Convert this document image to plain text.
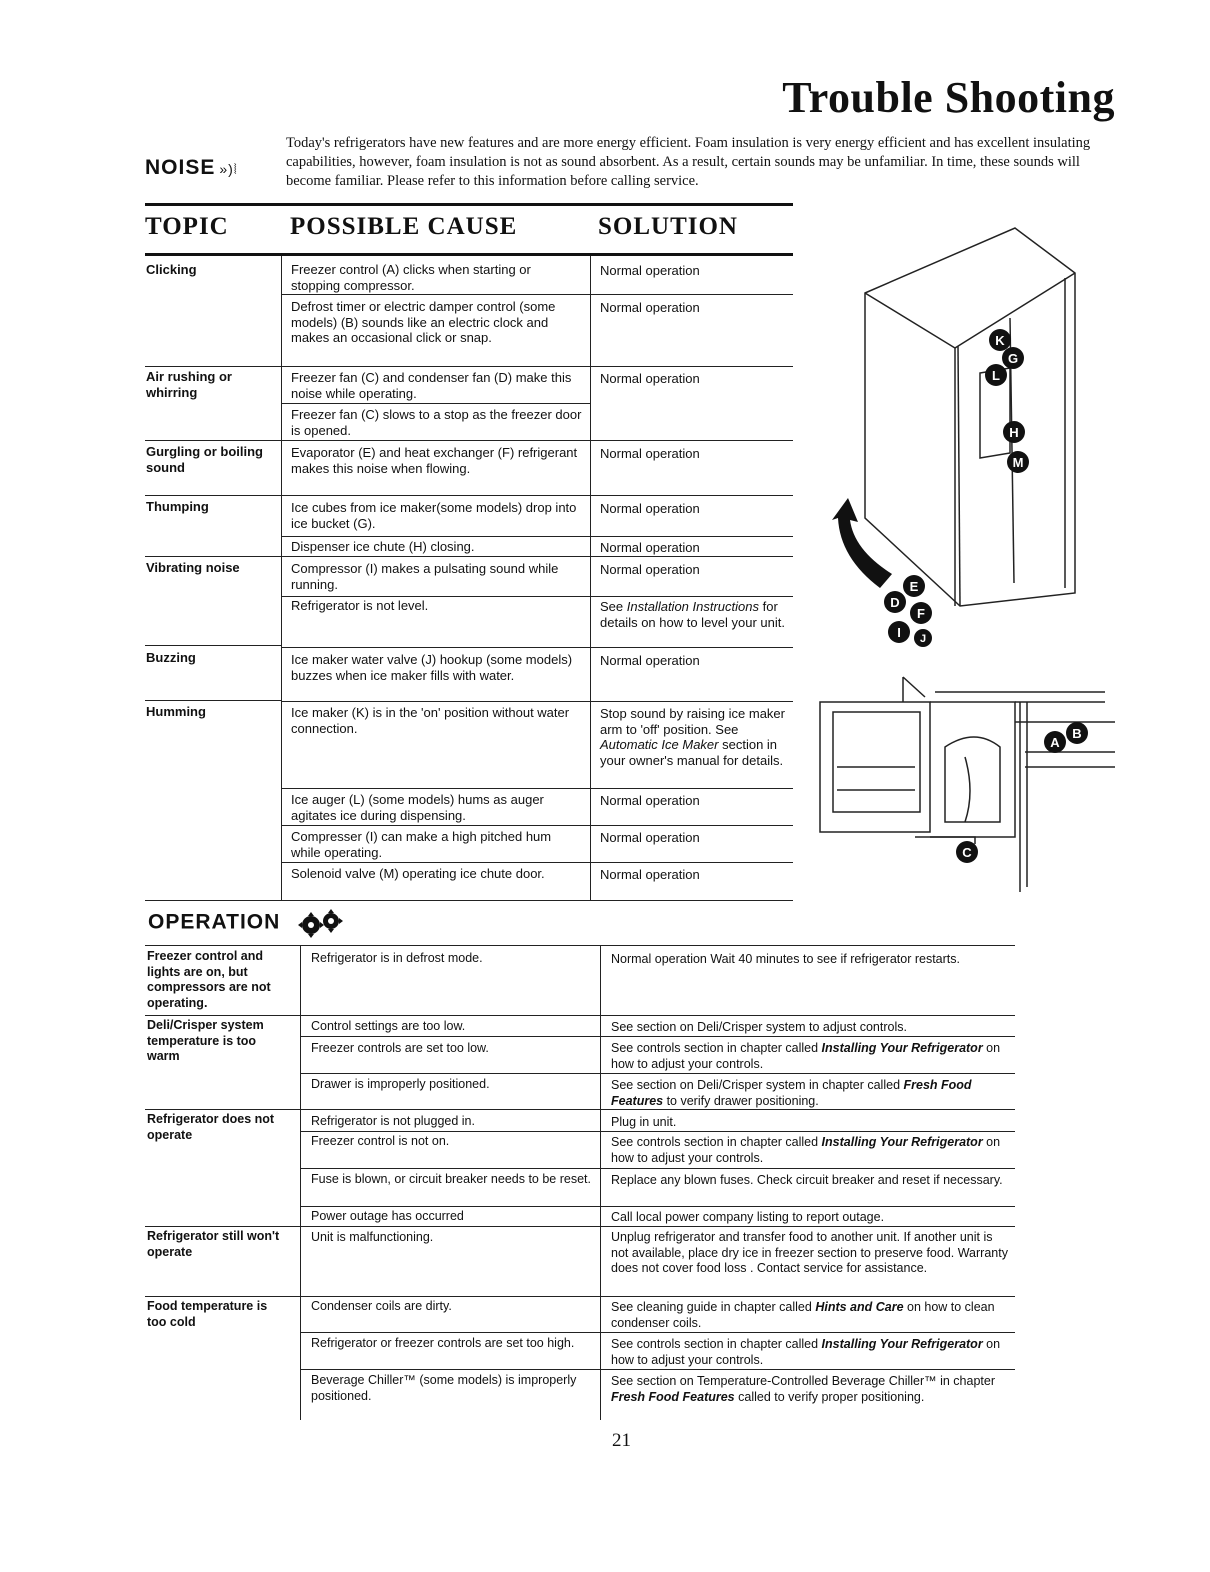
Trouble Shooting
NOISE »)⦚
Today's refrigerators have new features and are more energy efficient. Foam insulation is very energy efficient and has excellent insulating capabilities, however, foam insulation is not as sound absorbent. As a result, certain sounds may be unfamiliar. In time, these sounds will become familiar. Please refer to this information before calling service.
TOPIC POSSIBLE CAUSE	SOLUTION
Clicking
Air rushing or whirring
Gurgling or boiling sound
Thumping
Vibrating noise
Buzzing
Humming
Freezer control (A) clicks when starting or stopping compressor.
Defrost timer or electric damper control (some models) (B) sounds like an electric clock and makes an occasional click or snap.
Freezer fan (C) and condenser fan (D) make this noise while operating.
Freezer fan (C) slows to a stop as the freezer door is opened.
Evaporator (E) and heat exchanger (F) refrigerant makes this noise when flowing.
Ice cubes from ice maker(some models) drop into ice bucket (G).
Dispenser ice chute (H) closing.
Compressor (I) makes a pulsating sound while running.
Refrigerator is not level.
Ice maker water valve (J) hookup (some models) buzzes when ice maker fills with water.
Ice maker (K) is in the 'on' position without water connection.
Ice auger (L) (some models) hums as auger agitates ice during dispensing.
Compresser (I) can make a high pitched hum while operating.
Solenoid valve (M) operating ice chute door.
Normal operation
Normal operation
Normal operation
Normal operation
Normal operation
Normal operation
Normal operation
See Installation Instructions for details on how to level your unit.
Normal operation
Stop sound by raising ice maker arm to 'off' position. See Automatic Ice Maker section in your owner's manual for details.
Normal operation
Normal operation
Normal operation
K
G
L
H
M
E
D
F
I J
A
B
C
OPERATION
Freezer control and lights are on, but compressors are not operating.
Deli/Crisper system temperature is too warm
Refrigerator does not operate
Refrigerator still won't operate
Food temperature is too cold
Refrigerator is in defrost mode.
Control settings are too low.
Freezer controls are set too low.
Drawer is improperly positioned.
Refrigerator is not plugged in.
Freezer control is not on.
Fuse is blown, or circuit breaker needs to be reset.
Power outage has occurred
Unit is malfunctioning.
Condenser coils are dirty.
Refrigerator or freezer controls are set too high.
Beverage Chiller™ (some models) is improperly positioned.
Normal operation Wait 40 minutes to see if refrigerator restarts.
See section on Deli/Crisper system to adjust controls.
See controls section in chapter called Installing Your Refrigerator on how to adjust your controls.
See section on Deli/Crisper system in chapter called Fresh Food Features to verify drawer positioning.
Plug in unit.
See controls section in chapter called Installing Your Refrigerator on how to adjust your controls.
Replace any blown fuses. Check circuit breaker and reset if necessary.
Call local power company listing to report outage.
Unplug refrigerator and transfer food to another unit. If another unit is not available, place dry ice in freezer section to preserve food. Warranty does not cover food loss . Contact service for assistance.
See cleaning guide in chapter called Hints and Care on how to clean condenser coils.
See controls section in chapter called Installing Your Refrigerator on how to adjust your controls.
See section on Temperature-Controlled Beverage Chiller™ in chapter Fresh Food Features called to verify proper positioning.
21
